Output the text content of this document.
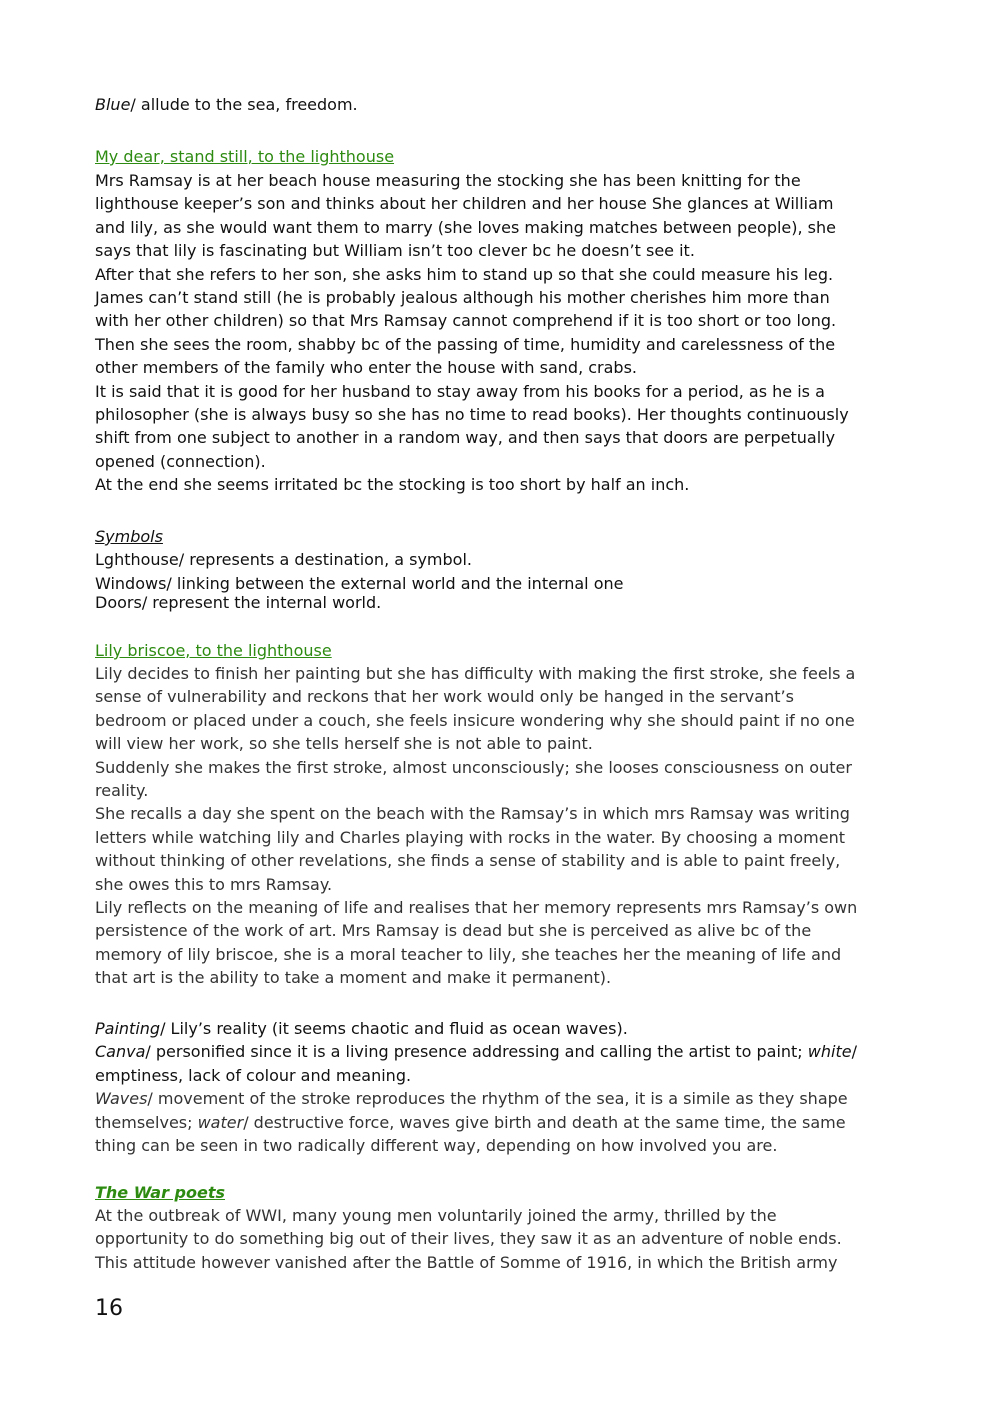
Blue/ allude to the sea, freedom.
My dear, stand still, to the lighthouse
Mrs Ramsay is at her beach house measuring the stocking she has been knitting for the
lighthouse keeper’s son and thinks about her children and her house She glances at William
and lily, as she would want them to marry (she loves making matches between people), she
says that lily is fascinating but William isn’t too clever bc he doesn’t see it.
After that she refers to her son, she asks him to stand up so that she could measure his leg.
James can’t stand still (he is probably jealous although his mother cherishes him more than
with her other children) so that Mrs Ramsay cannot comprehend if it is too short or too long.
Then she sees the room, shabby bc of the passing of time, humidity and carelessness of the
other members of the family who enter the house with sand, crabs.
It is said that it is good for her husband to stay away from his books for a period, as he is a
philosopher (she is always busy so she has no time to read books). Her thoughts continuously
shift from one subject to another in a random way, and then says that doors are perpetually
opened (connection).
At the end she seems irritated bc the stocking is too short by half an inch.
Symbols
Lghthouse/ represents a destination, a symbol.
Windows/ linking between the external world and the internal one
Doors/ represent the internal world.
Lily briscoe, to the lighthouse
Lily decides to finish her painting but she has difficulty with making the first stroke, she feels a
sense of vulnerability and reckons that her work would only be hanged in the servant’s
bedroom or placed under a couch, she feels insicure wondering why she should paint if no one
will view her work, so she tells herself she is not able to paint.
Suddenly she makes the first stroke, almost unconsciously; she looses consciousness on outer
reality.
She recalls a day she spent on the beach with the Ramsay’s in which mrs Ramsay was writing
letters while watching lily and Charles playing with rocks in the water. By choosing a moment
without thinking of other revelations, she finds a sense of stability and is able to paint freely,
she owes this to mrs Ramsay.
Lily reflects on the meaning of life and realises that her memory represents mrs Ramsay’s own
persistence of the work of art. Mrs Ramsay is dead but she is perceived as alive bc of the
memory of lily briscoe, she is a moral teacher to lily, she teaches her the meaning of life and
that art is the ability to take a moment and make it permanent).
Painting/ Lily’s reality (it seems chaotic and fluid as ocean waves).
Canva/ personified since it is a living presence addressing and calling the artist to paint; white/
emptiness, lack of colour and meaning.
Waves/ movement of the stroke reproduces the rhythm of the sea, it is a simile as they shape
themselves; water/ destructive force, waves give birth and death at the same time, the same
thing can be seen in two radically different way, depending on how involved you are.
The War poets
At the outbreak of WWI, many young men voluntarily joined the army, thrilled by the
opportunity to do something big out of their lives, they saw it as an adventure of noble ends.
This attitude however vanished after the Battle of Somme of 1916, in which the British army
16
